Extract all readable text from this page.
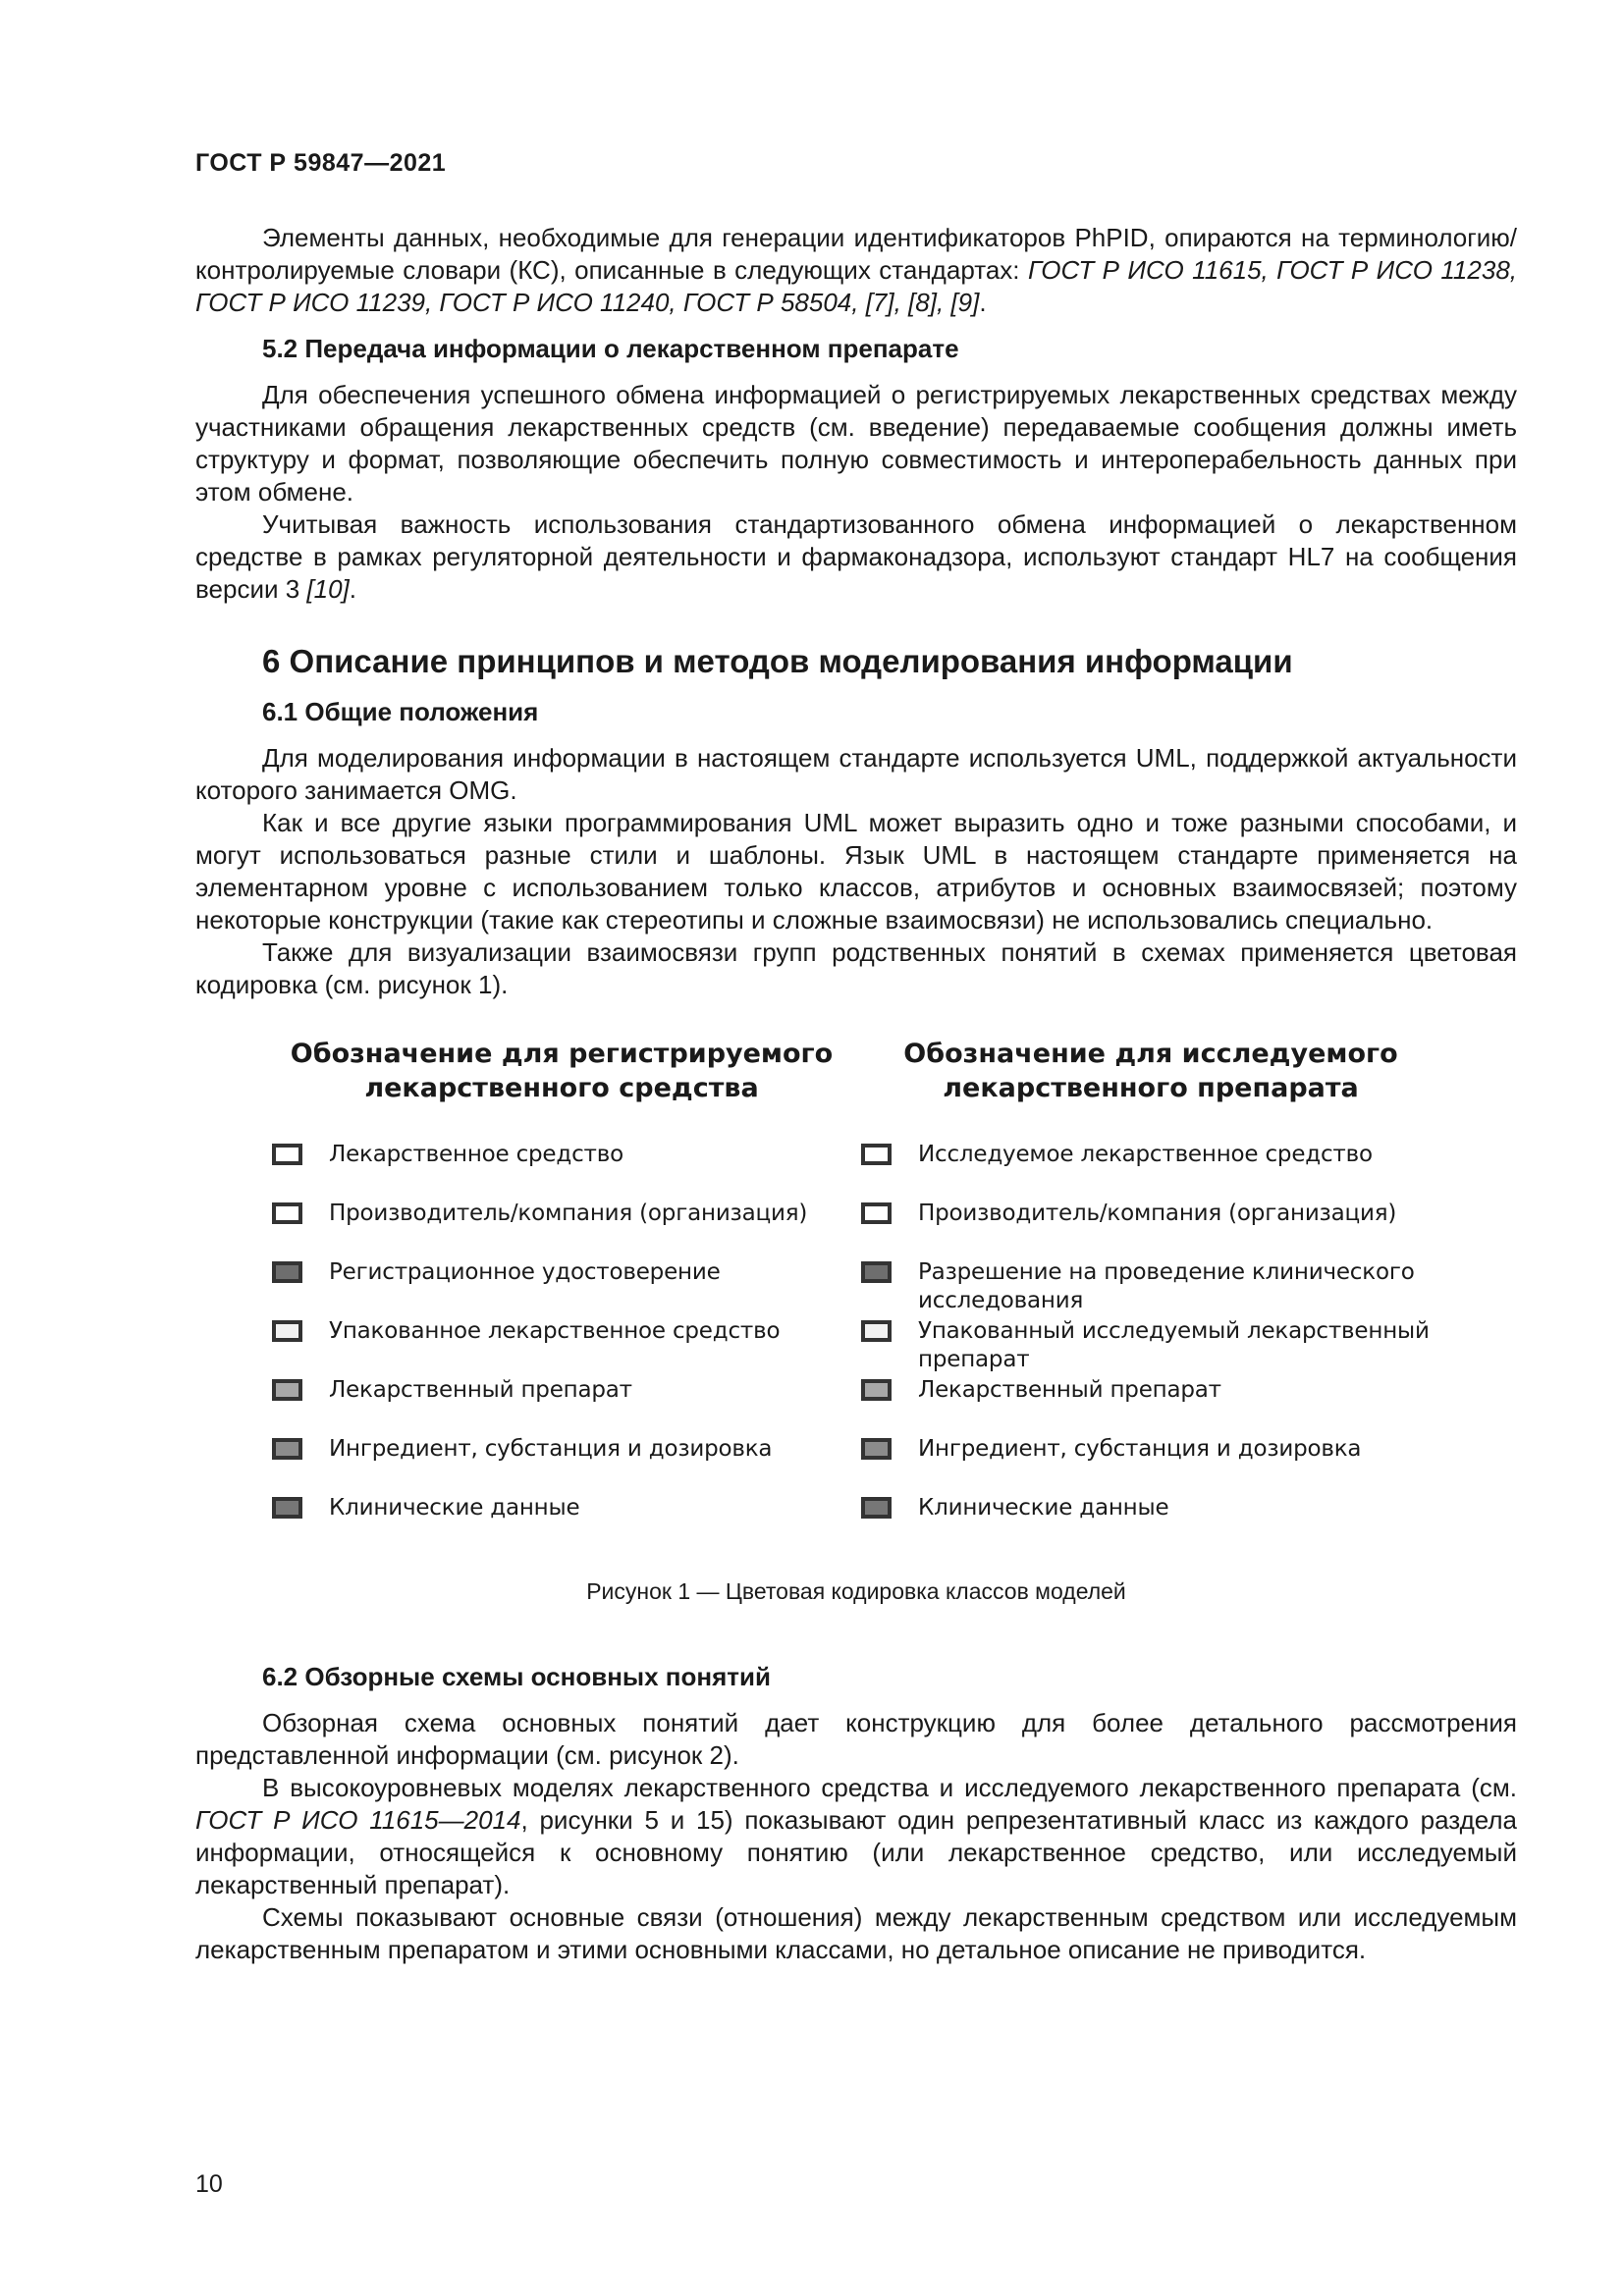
ГОСТ Р 59847—2021

Элементы данных, необходимые для генерации идентификаторов PhPID, опираются на терминологию/контролируемые словари (КС), описанные в следующих стандартах: ГОСТ Р ИСО 11615, ГОСТ Р ИСО 11238, ГОСТ Р ИСО 11239, ГОСТ Р ИСО 11240, ГОСТ Р 58504, [7], [8], [9].

5.2 Передача информации о лекарственном препарате

Для обеспечения успешного обмена информацией о регистрируемых лекарственных средствах между участниками обращения лекарственных средств (см. введение) передаваемые сообщения должны иметь структуру и формат, позволяющие обеспечить полную совместимость и интероперабельность данных при этом обмене.

Учитывая важность использования стандартизованного обмена информацией о лекарственном средстве в рамках регуляторной деятельности и фармаконадзора, используют стандарт HL7 на сообщения версии 3 [10].

6 Описание принципов и методов моделирования информации
6.1 Общие положения

Для моделирования информации в настоящем стандарте используется UML, поддержкой актуальности которого занимается OMG.

Как и все другие языки программирования UML может выразить одно и тоже разными способами, и могут использоваться разные стили и шаблоны. Язык UML в настоящем стандарте применяется на элементарном уровне с использованием только классов, атрибутов и основных взаимосвязей; поэтому некоторые конструкции (такие как стереотипы и сложные взаимосвязи) не использовались специально.

Также для визуализации взаимосвязи групп родственных понятий в схемах применяется цветовая кодировка (см. рисунок 1).

Обозначение для регистрируемого
лекарственного средства
Лекарственное средство
Производитель/компания (организация)
Регистрационное удостоверение
Упакованное лекарственное средство
Лекарственный препарат
Ингредиент, субстанция и дозировка
Клинические данные
Обозначение для исследуемого
лекарственного препарата
Исследуемое лекарственное средство
Производитель/компания (организация)
Разрешение на проведение клинического исследования
Упакованный исследуемый лекарственный препарат
Лекарственный препарат
Ингредиент, субстанция и дозировка
Клинические данные
Рисунок 1 — Цветовая кодировка классов моделей
6.2 Обзорные схемы основных понятий

Обзорная схема основных понятий дает конструкцию для более детального рассмотрения представленной информации (см. рисунок 2).

В высокоуровневых моделях лекарственного средства и исследуемого лекарственного препарата (см. ГОСТ Р ИСО 11615—2014, рисунки 5 и 15) показывают один репрезентативный класс из каждого раздела информации, относящейся к основному понятию (или лекарственное средство, или исследуемый лекарственный препарат).

Схемы показывают основные связи (отношения) между лекарственным средством или исследуемым лекарственным препаратом и этими основными классами, но детальное описание не приводится.

10
